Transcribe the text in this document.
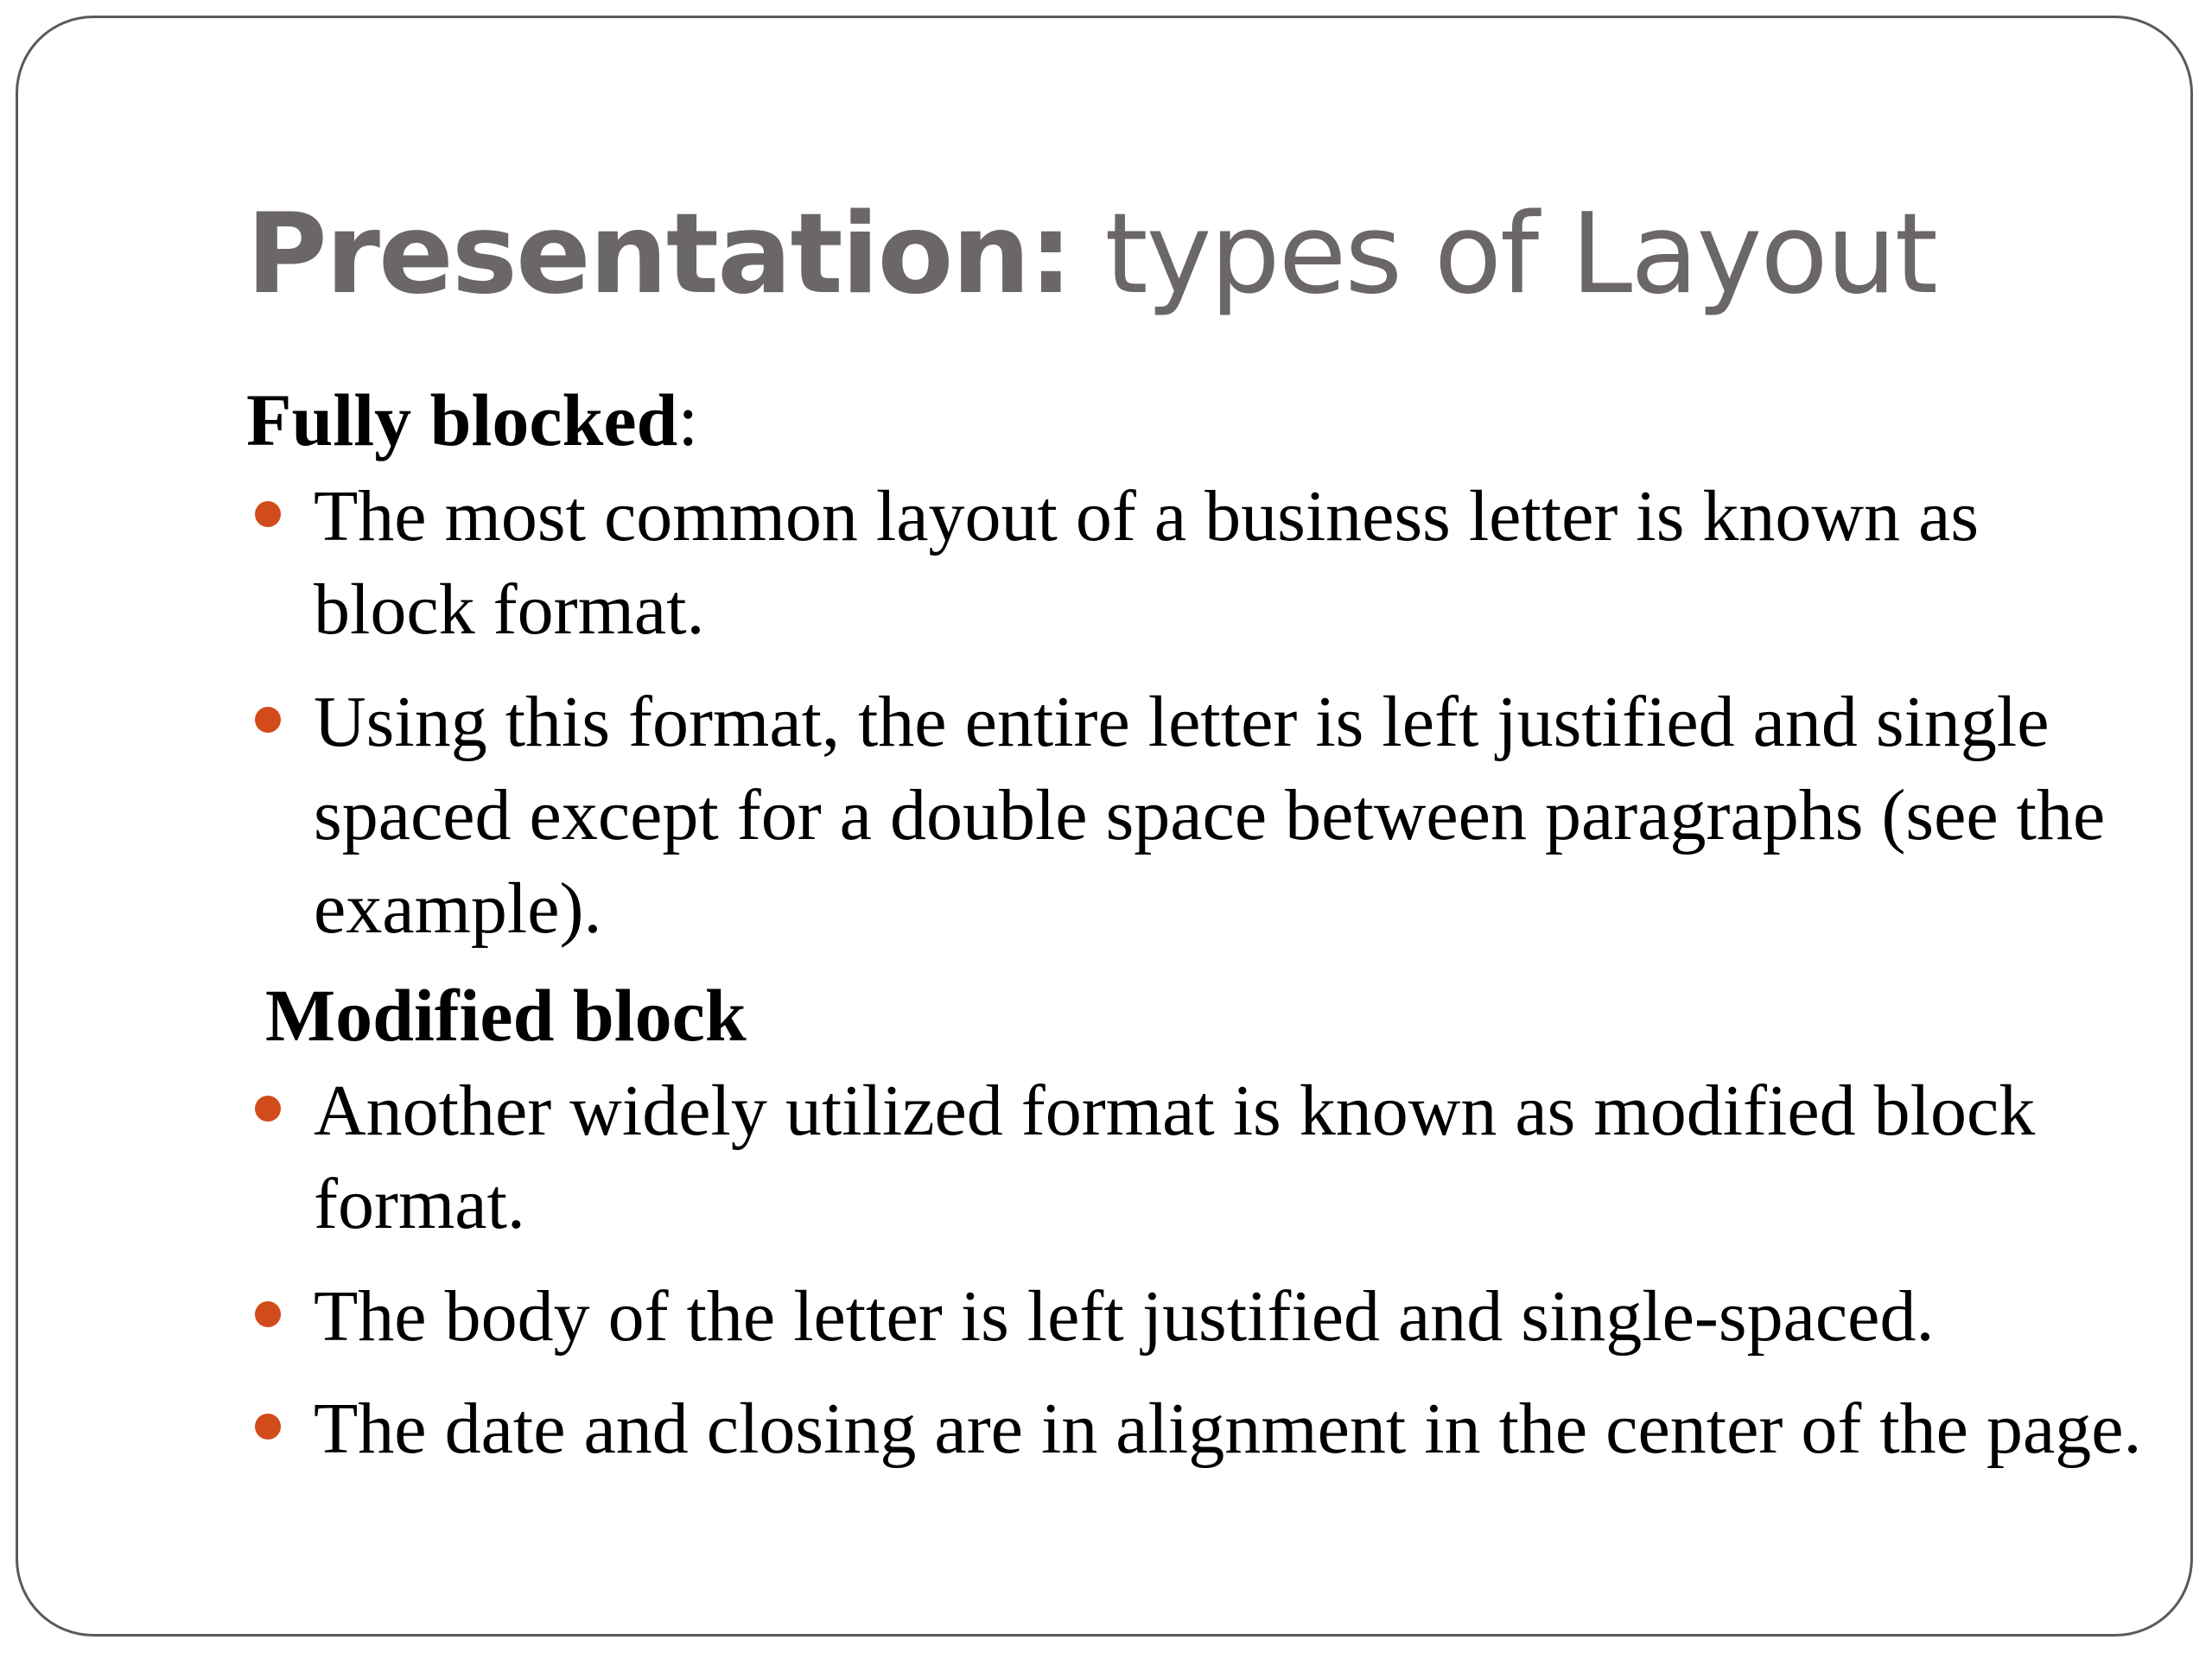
Presentation: types of Layout
Fully blocked:
The most common layout of a business letter is known as block format.
Using this format, the entire letter is left justified and single spaced except for a double space between paragraphs (see the example).
Modified block
Another widely utilized format is known as modified block format.
The body of the letter is left justified and single-spaced.
The date and closing are in alignment in the center of the page.
